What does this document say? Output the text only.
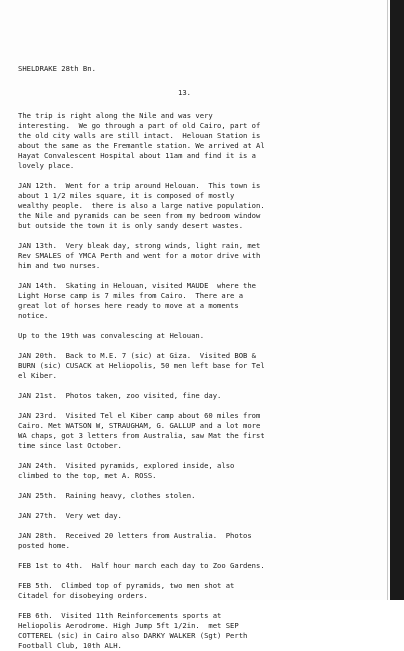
SHELDRAKE 28th Bn.

13.

The trip is right along the Nile and was very
interesting.  We go through a part of old Cairo, part of
the old city walls are still intact.  Helouan Station is
about the same as the Fremantle station. We arrived at Al
Hayat Convalescent Hospital about 11am and find it is a
lovely place.

JAN 12th.  Went for a trip around Helouan.  This town is
about 1 1/2 miles square, it is composed of mostly
wealthy people.  there is also a large native population.
the Nile and pyramids can be seen from my bedroom window
but outside the town it is only sandy desert wastes.

JAN 13th.  Very bleak day, strong winds, light rain, met
Rev SMALES of YMCA Perth and went for a motor drive with
him and two nurses.

JAN 14th.  Skating in Helouan, visited MAUDE  where the
Light Horse camp is 7 miles from Cairo.  There are a
great lot of horses here ready to move at a moments
notice.

Up to the 19th was convalescing at Helouan.

JAN 20th.  Back to M.E. 7 (sic) at Giza.  Visited BOB &
BURN (sic) CUSACK at Heliopolis, 50 men left base for Tel
el Kiber.

JAN 21st.  Photos taken, zoo visited, fine day.

JAN 23rd.  Visited Tel el Kiber camp about 60 miles from
Cairo. Met WATSON W, STRAUGHAM, G. GALLUP and a lot more
WA chaps, got 3 letters from Australia, saw Mat the first
time since last October.

JAN 24th.  Visited pyramids, explored inside, also
climbed to the top, met A. ROSS.

JAN 25th.  Raining heavy, clothes stolen.

JAN 27th.  Very wet day.

JAN 28th.  Received 20 letters from Australia.  Photos
posted home.

FEB 1st to 4th.  Half hour march each day to Zoo Gardens.

FEB 5th.  Climbed top of pyramids, two men shot at
Citadel for disobeying orders.

FEB 6th.  Visited 11th Reinforcements sports at
Heliopolis Aerodrome. High Jump 5ft 1/2in.  met SEP
COTTEREL (sic) in Cairo also DARKY WALKER (Sgt) Perth
Football Club, 10th ALH.
